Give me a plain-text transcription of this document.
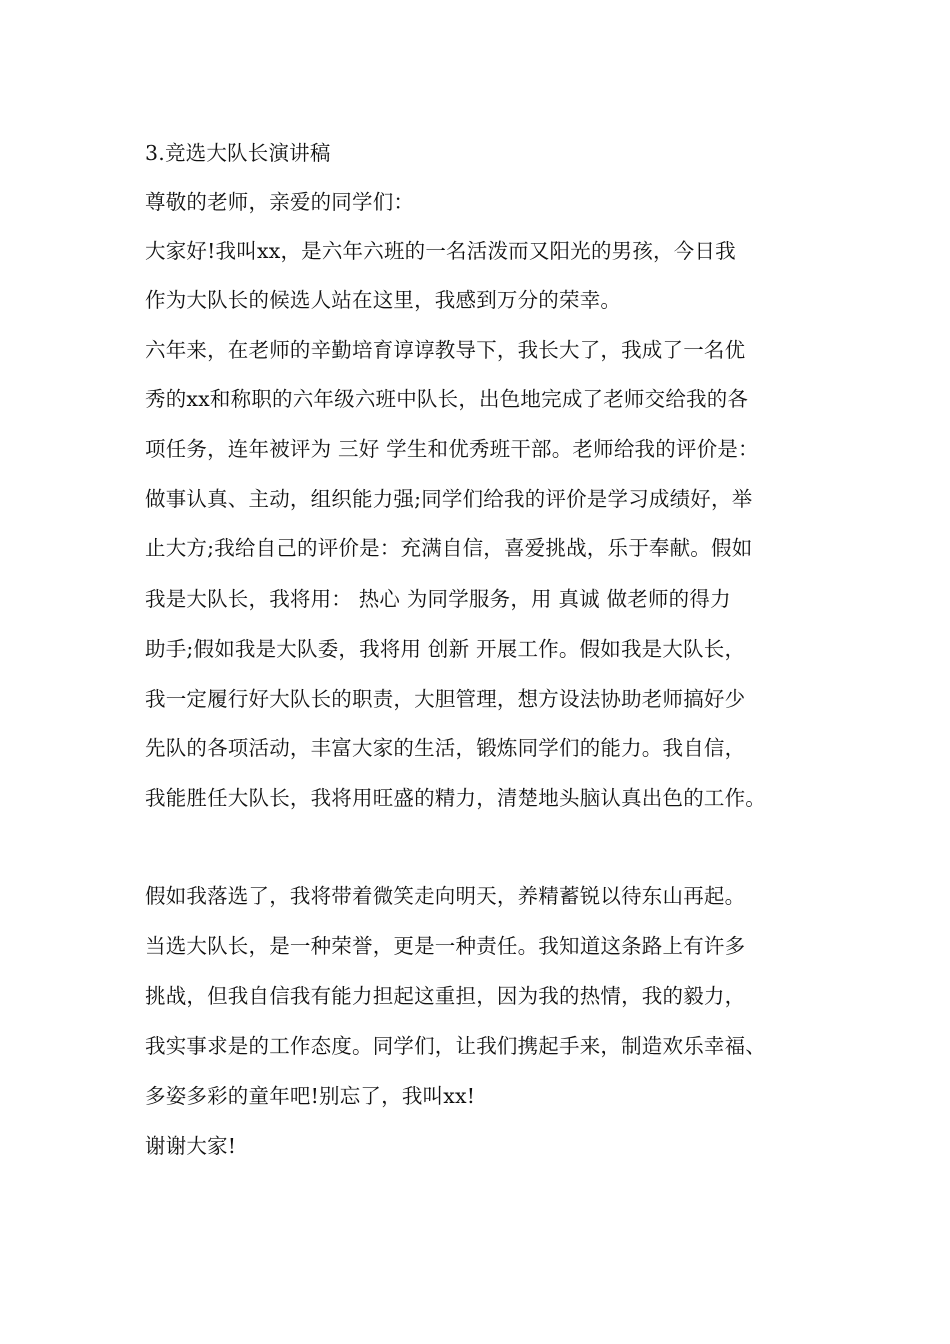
3.竞选大队长演讲稿
尊敬的老师，亲爱的同学们：
大家好!我叫xx，是六年六班的一名活泼而又阳光的男孩，今日我
作为大队长的候选人站在这里，我感到万分的荣幸。
六年来，在老师的辛勤培育谆谆教导下，我长大了，我成了一名优
秀的xx和称职的六年级六班中队长，出色地完成了老师交给我的各
项任务，连年被评为 三好 学生和优秀班干部。老师给我的评价是：
做事认真、主动，组织能力强;同学们给我的评价是学习成绩好，举
止大方;我给自己的评价是：充满自信，喜爱挑战，乐于奉献。假如
我是大队长，我将用： 热心 为同学服务，用 真诚 做老师的得力
助手;假如我是大队委，我将用 创新 开展工作。假如我是大队长，
我一定履行好大队长的职责，大胆管理，想方设法协助老师搞好少
先队的各项活动，丰富大家的生活，锻炼同学们的能力。我自信，
我能胜任大队长，我将用旺盛的精力，清楚地头脑认真出色的工作。
假如我落选了，我将带着微笑走向明天，养精蓄锐以待东山再起。
当选大队长，是一种荣誉，更是一种责任。我知道这条路上有许多
挑战，但我自信我有能力担起这重担，因为我的热情，我的毅力，
我实事求是的工作态度。同学们，让我们携起手来，制造欢乐幸福、
多姿多彩的童年吧!别忘了，我叫xx!
谢谢大家!
